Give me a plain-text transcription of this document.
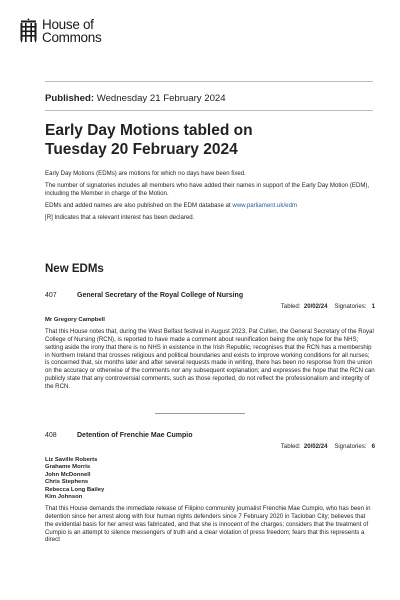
House of
Commons
Published: Wednesday 21 February 2024
Early Day Motions tabled on
Tuesday 20 February 2024

Early Day Motions (EDMs) are motions for which no days have been fixed.

The number of signatories includes all members who have added their names in support of the Early Day Motion (EDM), including the Member in charge of the Motion.

EDMs and added names are also published on the EDM database at www.parliament.uk/edm

[R] Indicates that a relevant interest has been declared.

New EDMs
407	General Secretary of the Royal College of Nursing
Tabled: 20/02/24 Signatories: 1
Mr Gregory Campbell
That this House notes that, during the West Belfast festival in August 2023, Pat Cullen, the General Secretary of the Royal College of Nursing (RCN), is reported to have made a comment about reunification being the only hope for the NHS; setting aside the irony that there is no NHS in existence in the Irish Republic, recognises that the RCN has a membership in Northern Ireland that crosses religious and political boundaries and exists to improve working conditions for all nurses; is concerned that, six months later and after several requests made in writing, there has been no response from the union on the accuracy or otherwise of the comments nor any subsequent explanation; and expresses the hope that the RCN can publicly state that any controversial comments, such as those reported, do not reflect the professionalism and integrity of the RCN.
408	Detention of Frenchie Mae Cumpio
Tabled: 20/02/24 Signatories: 6
Liz Saville Roberts
Grahame Morris
John McDonnell
Chris Stephens
Rebecca Long Bailey
Kim Johnson
That this House demands the immediate release of Filipino community journalist Frenchie Mae Cumpio, who has been in detention since her arrest along with four human rights defenders since 7 February 2020 in Tacloban City; believes that the evidential basis for her arrest was fabricated, and that she is innocent of the charges; considers that the treatment of Cumpio is an attempt to silence messengers of truth and a clear violation of press freedom; fears that this represents a direct
